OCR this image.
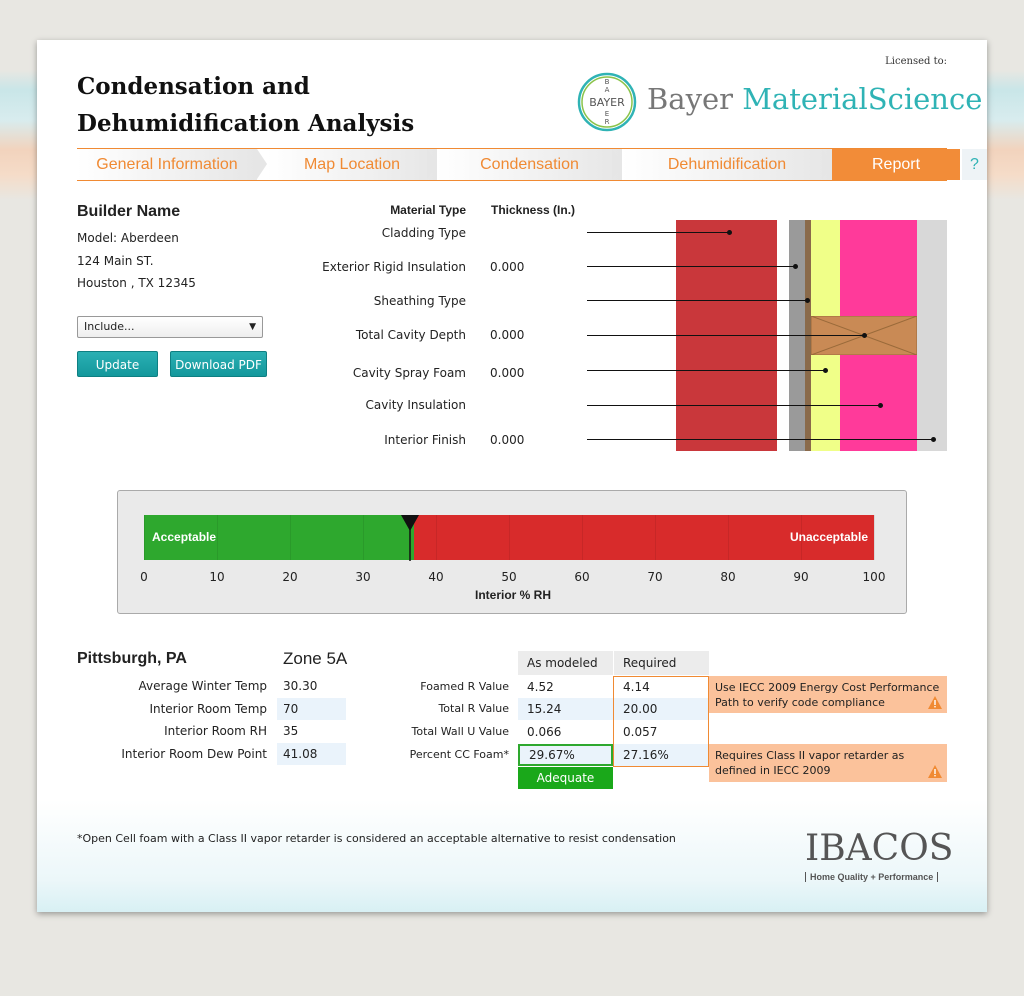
Condensation and
Dehumidification Analysis
Licensed to:
BAYER
B
A
E
R
Bayer MaterialScience
General Information	Map Location	Condensation	Dehumidification	Report	?
Builder Name
Model: Aberdeen
124 Main ST.
Houston , TX 12345
Include...	▼
Update	Download PDF
Material Type Thickness (In.)
Cladding Type
Exterior Rigid Insulation 0.000
Sheathing Type
Total Cavity Depth 0.000
Cavity Spray Foam 0.000
Cavity Insulation
Interior Finish 0.000
Acceptable	Unacceptable
0	10	20	30	40	50	60	70	80	90	100
Interior % RH
Pittsburgh, PA	Zone 5A
Average Winter Temp	30.30
Interior Room Temp	70
Interior Room RH	35
Interior Room Dew Point	41.08
As modeled	Required
Foamed R Value	4.52	4.14
Total R Value	15.24	20.00
Total Wall U Value	0.066	0.057
Percent CC Foam*	29.67%	27.16%
Adequate
Use IECC 2009 Energy Cost Performance Path to verify code compliance
Requires Class II vapor retarder as defined in IECC 2009
*Open Cell foam with a Class II vapor retarder is considered an acceptable alternative to resist condensation	IBACOS
Home Quality + Performance
